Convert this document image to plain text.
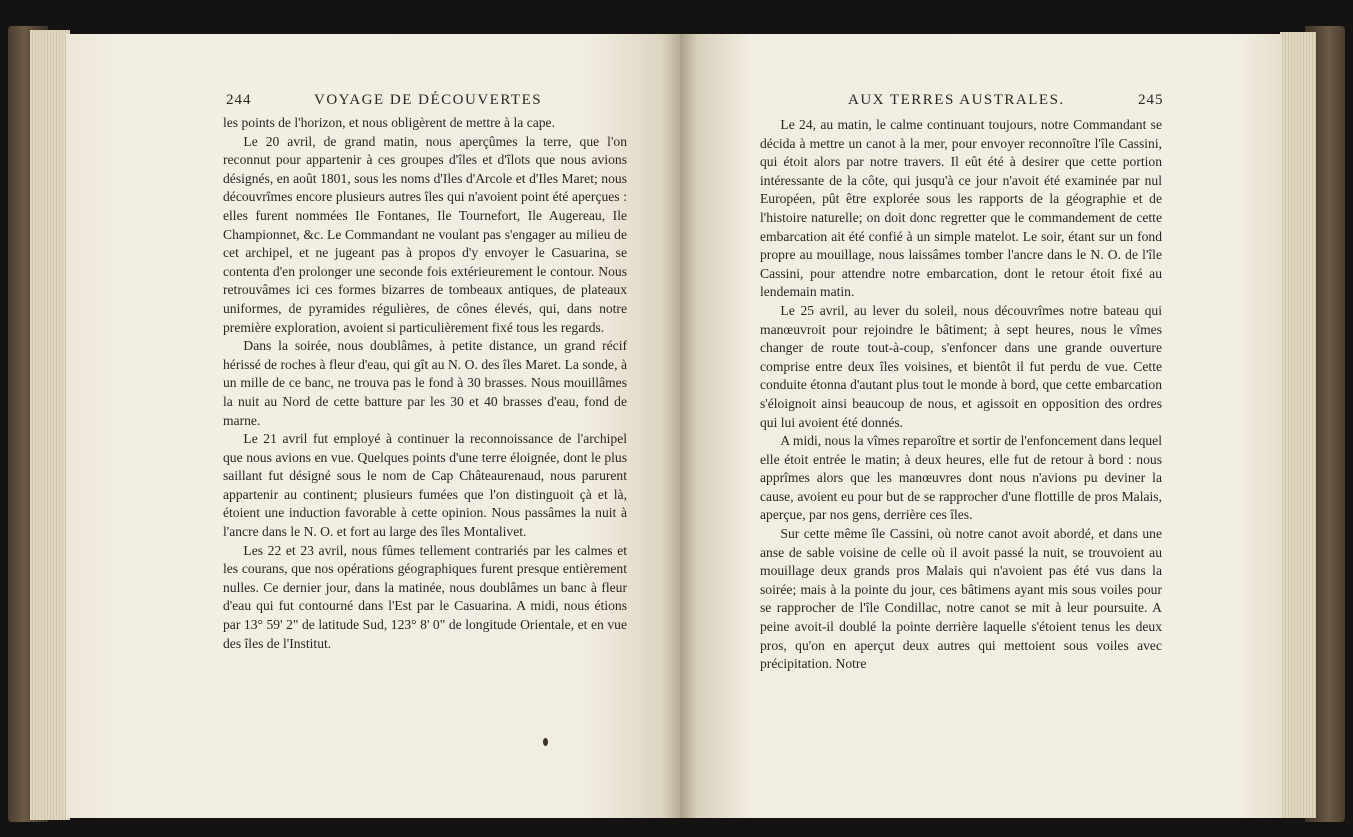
244	VOYAGE DE DÉCOUVERTES

les points de l'horizon, et nous obligèrent de mettre à la cape.

Le 20 avril, de grand matin, nous aperçûmes la terre, que l'on reconnut pour appartenir à ces groupes d'îles et d'îlots que nous avions désignés, en août 1801, sous les noms d'Iles d'Arcole et d'Iles Maret; nous découvrîmes encore plusieurs autres îles qui n'avoient point été aperçues : elles furent nommées Ile Fontanes, Ile Tournefort, Ile Augereau, Ile Championnet, &c. Le Commandant ne voulant pas s'engager au milieu de cet archipel, et ne jugeant pas à propos d'y envoyer le Casuarina, se contenta d'en prolonger une seconde fois extérieurement le contour. Nous retrouvâmes ici ces formes bizarres de tombeaux antiques, de plateaux uniformes, de pyramides régulières, de cônes élevés, qui, dans notre première exploration, avoient si particulièrement fixé tous les regards.

Dans la soirée, nous doublâmes, à petite distance, un grand récif hérissé de roches à fleur d'eau, qui gît au N. O. des îles Maret. La sonde, à un mille de ce banc, ne trouva pas le fond à 30 brasses. Nous mouillâmes la nuit au Nord de cette batture par les 30 et 40 brasses d'eau, fond de marne.

Le 21 avril fut employé à continuer la reconnoissance de l'archipel que nous avions en vue. Quelques points d'une terre éloignée, dont le plus saillant fut désigné sous le nom de Cap Châteaurenaud, nous parurent appartenir au continent; plusieurs fumées que l'on distinguoit çà et là, étoient une induction favorable à cette opinion. Nous passâmes la nuit à l'ancre dans le N. O. et fort au large des îles Montalivet.

Les 22 et 23 avril, nous fûmes tellement contrariés par les calmes et les courans, que nos opérations géographiques furent presque entièrement nulles. Ce dernier jour, dans la matinée, nous doublâmes un banc à fleur d'eau qui fut contourné dans l'Est par le Casuarina. A midi, nous étions par 13° 59' 2" de latitude Sud, 123° 8' 0" de longitude Orientale, et en vue des îles de l'Institut.

AUX TERRES AUSTRALES.	245

Le 24, au matin, le calme continuant toujours, notre Commandant se décida à mettre un canot à la mer, pour envoyer reconnoître l'île Cassini, qui étoit alors par notre travers. Il eût été à desirer que cette portion intéressante de la côte, qui jusqu'à ce jour n'avoit été examinée par nul Européen, pût être explorée sous les rapports de la géographie et de l'histoire naturelle; on doit donc regretter que le commandement de cette embarcation ait été confié à un simple matelot. Le soir, étant sur un fond propre au mouillage, nous laissâmes tomber l'ancre dans le N. O. de l'île Cassini, pour attendre notre embarcation, dont le retour étoit fixé au lendemain matin.

Le 25 avril, au lever du soleil, nous découvrîmes notre bateau qui manœuvroit pour rejoindre le bâtiment; à sept heures, nous le vîmes changer de route tout-à-coup, s'enfoncer dans une grande ouverture comprise entre deux îles voisines, et bientôt il fut perdu de vue. Cette conduite étonna d'autant plus tout le monde à bord, que cette embarcation s'éloignoit ainsi beaucoup de nous, et agissoit en opposition des ordres qui lui avoient été donnés.

A midi, nous la vîmes reparoître et sortir de l'enfoncement dans lequel elle étoit entrée le matin; à deux heures, elle fut de retour à bord : nous apprîmes alors que les manœuvres dont nous n'avions pu deviner la cause, avoient eu pour but de se rapprocher d'une flottille de pros Malais, aperçue, par nos gens, derrière ces îles.

Sur cette même île Cassini, où notre canot avoit abordé, et dans une anse de sable voisine de celle où il avoit passé la nuit, se trouvoient au mouillage deux grands pros Malais qui n'avoient pas été vus dans la soirée; mais à la pointe du jour, ces bâtimens ayant mis sous voiles pour se rapprocher de l'île Condillac, notre canot se mit à leur poursuite. A peine avoit-il doublé la pointe derrière laquelle s'étoient tenus les deux pros, qu'on en aperçut deux autres qui mettoient sous voiles avec précipitation. Notre
